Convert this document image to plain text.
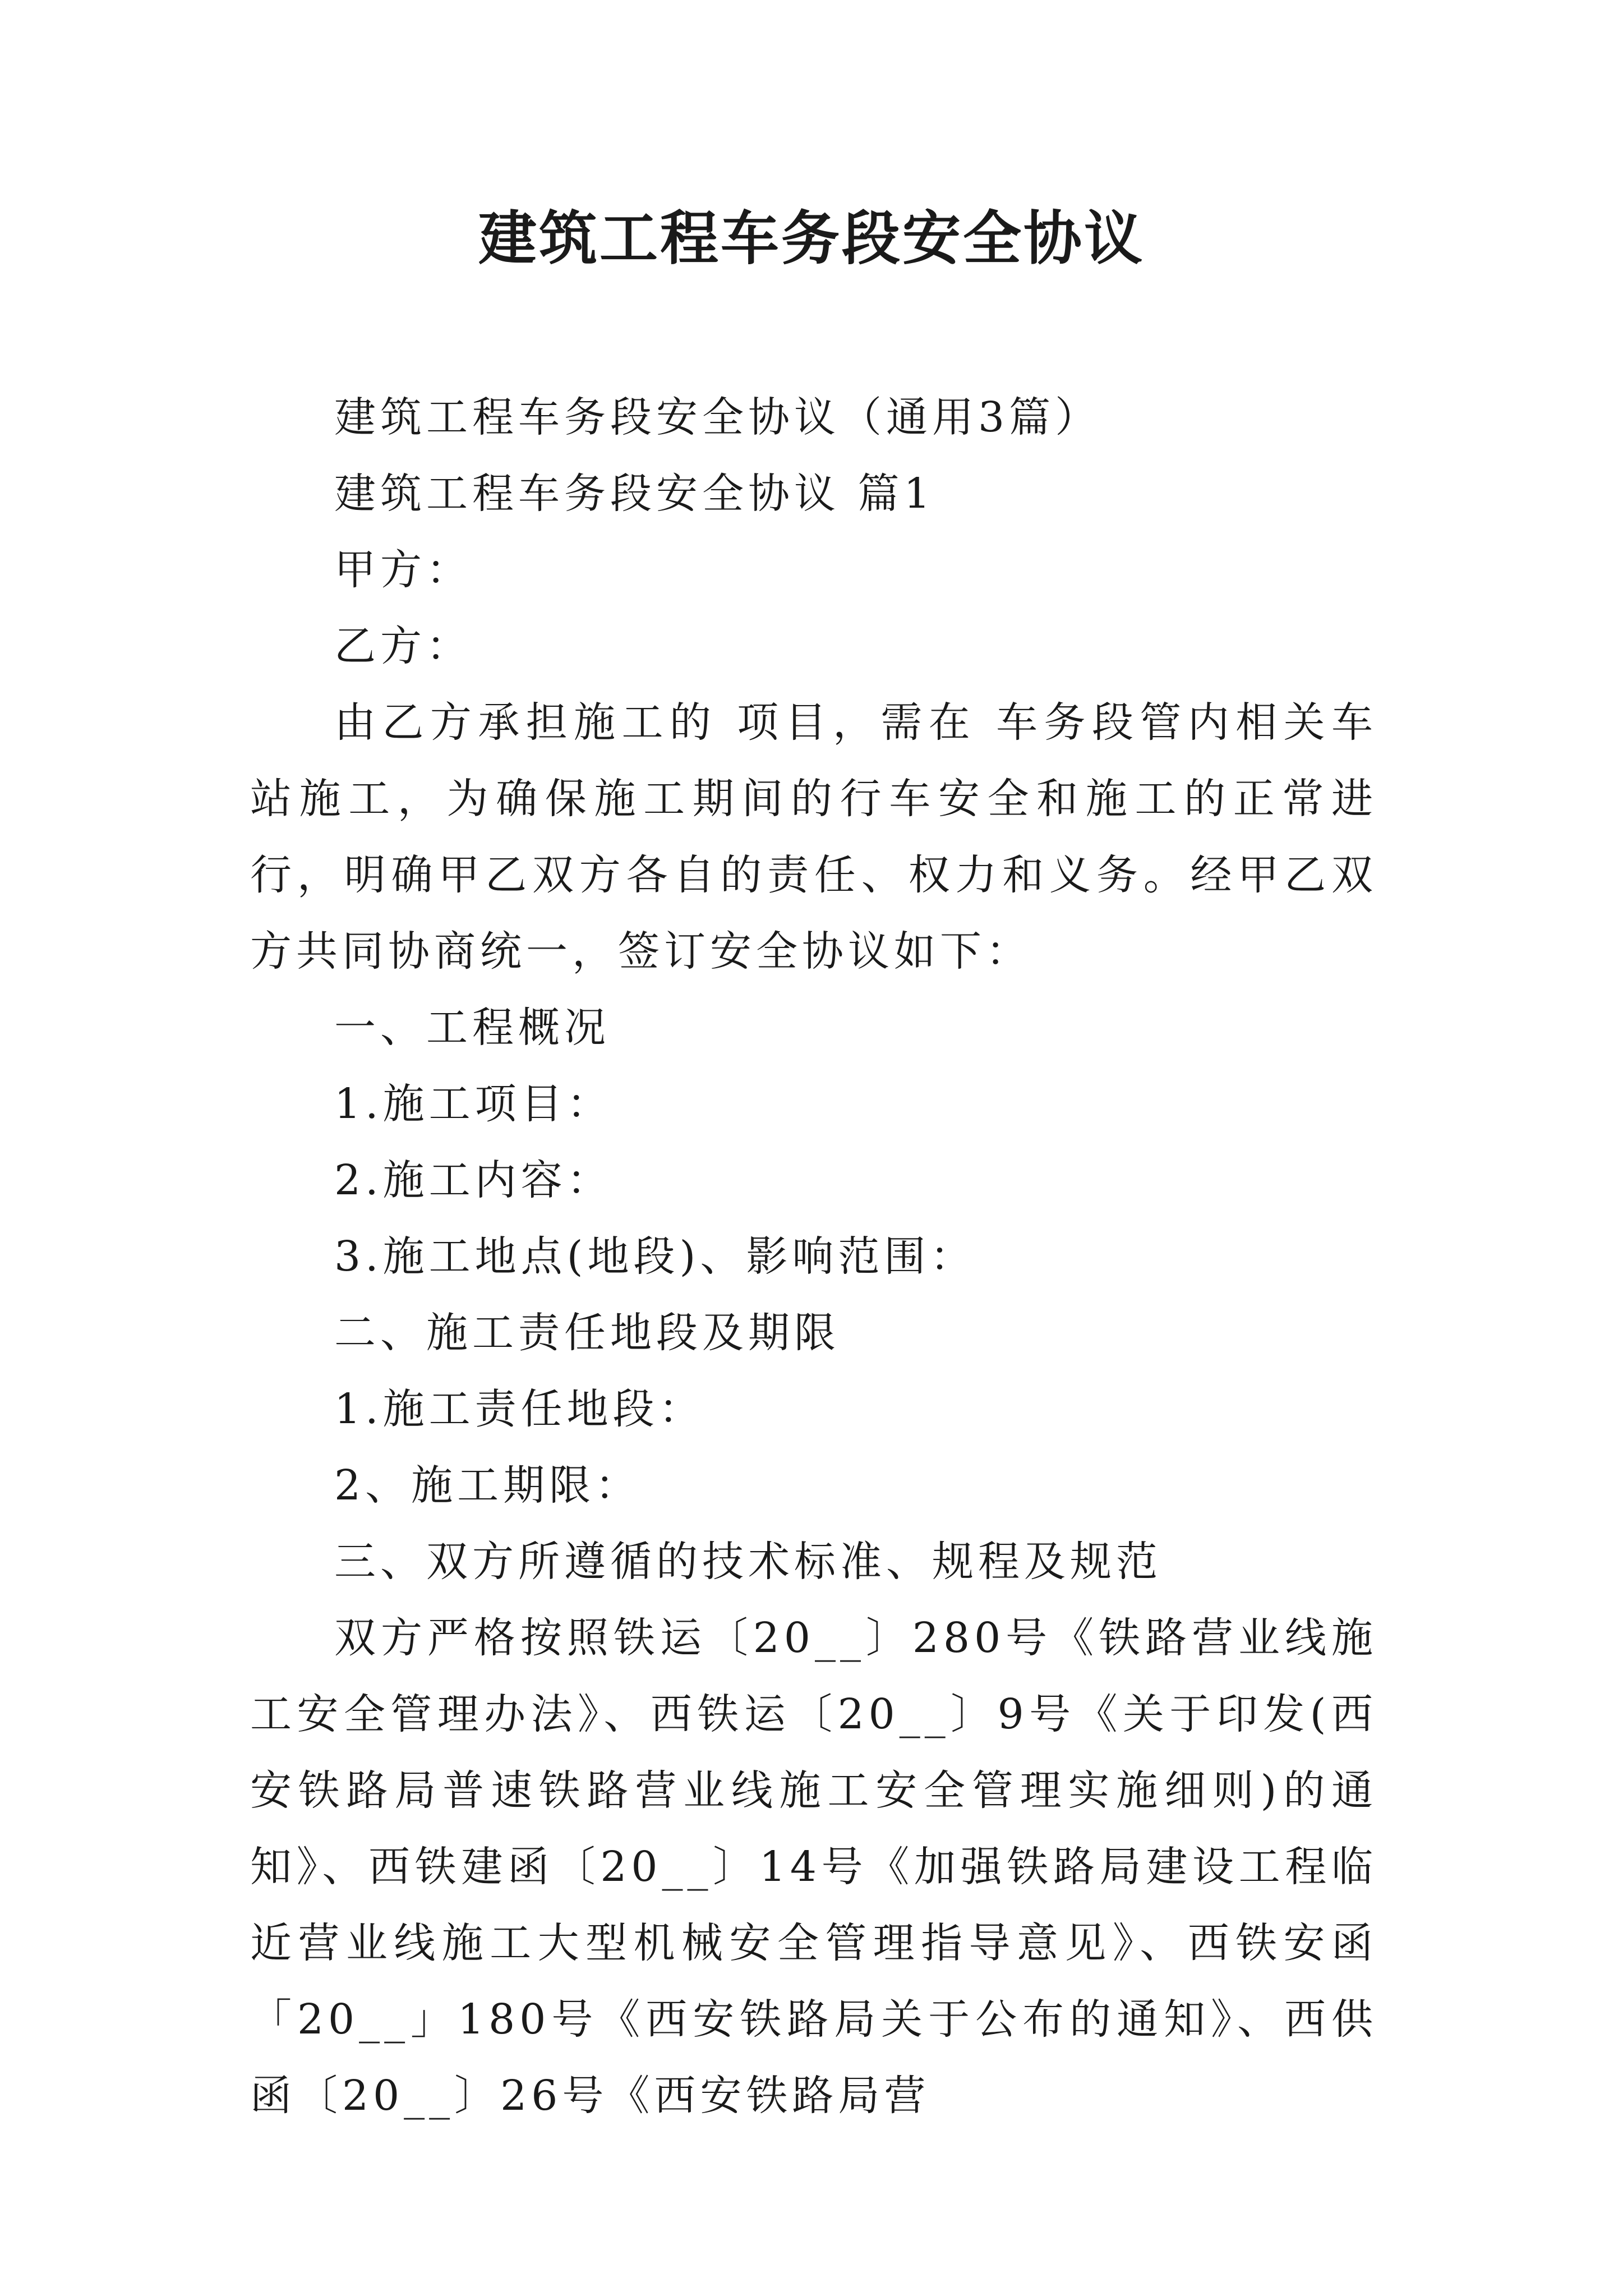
建筑工程车务段安全协议

建筑工程车务段安全协议（通用3篇）

建筑工程车务段安全协议 篇1

甲方：

乙方：

由乙方承担施工的 项目，需在 车务段管内相关车站施工，为确保施工期间的行车安全和施工的正常进行，明确甲乙双方各自的责任、权力和义务。经甲乙双方共同协商统一，签订安全协议如下：

一、工程概况

1.施工项目：

2.施工内容：

3.施工地点(地段)、影响范围：

二、施工责任地段及期限

1.施工责任地段：

2、施工期限：

三、双方所遵循的技术标准、规程及规范

双方严格按照铁运〔20__〕280号《铁路营业线施工安全管理办法》、西铁运〔20__〕9号《关于印发(西安铁路局普速铁路营业线施工安全管理实施细则)的通知》、西铁建函〔20__〕14号《加强铁路局建设工程临近营业线施工大型机械安全管理指导意见》、西铁安函「20__」180号《西安铁路局关于公布的通知》、西供函〔20__〕26号《西安铁路局营
